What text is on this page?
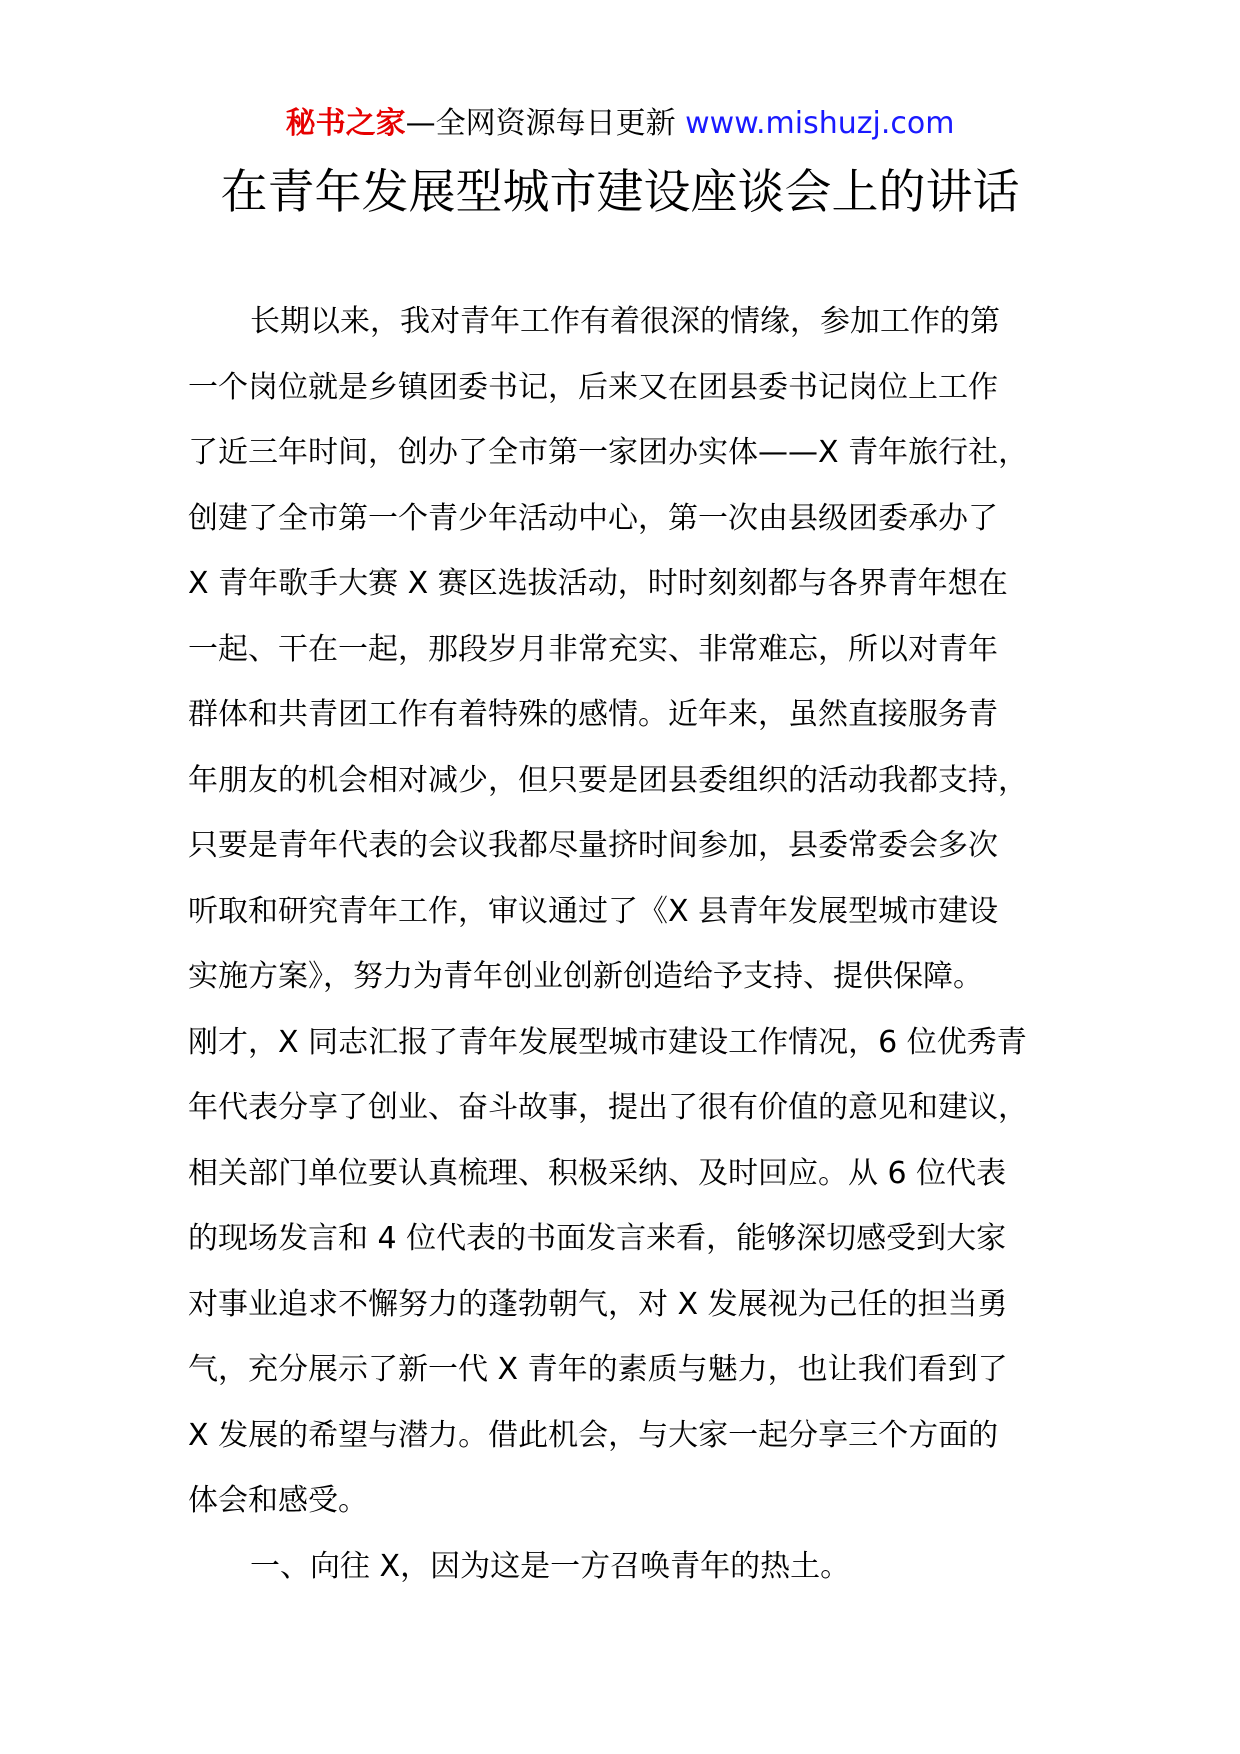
秘书之家—全网资源每日更新 www.mishuzj.com
在青年发展型城市建设座谈会上的讲话
长期以来，我对青年工作有着很深的情缘，参加工作的第
一个岗位就是乡镇团委书记，后来又在团县委书记岗位上工作
了近三年时间，创办了全市第一家团办实体——X 青年旅行社，
创建了全市第一个青少年活动中心，第一次由县级团委承办了
X 青年歌手大赛 X 赛区选拔活动，时时刻刻都与各界青年想在
一起、干在一起，那段岁月非常充实、非常难忘，所以对青年
群体和共青团工作有着特殊的感情。近年来，虽然直接服务青
年朋友的机会相对减少，但只要是团县委组织的活动我都支持，
只要是青年代表的会议我都尽量挤时间参加，县委常委会多次
听取和研究青年工作，审议通过了《X 县青年发展型城市建设
实施方案》，努力为青年创业创新创造给予支持、提供保障。
刚才，X 同志汇报了青年发展型城市建设工作情况，6 位优秀青
年代表分享了创业、奋斗故事，提出了很有价值的意见和建议，
相关部门单位要认真梳理、积极采纳、及时回应。从 6 位代表
的现场发言和 4 位代表的书面发言来看，能够深切感受到大家
对事业追求不懈努力的蓬勃朝气，对 X 发展视为己任的担当勇
气，充分展示了新一代 X 青年的素质与魅力，也让我们看到了
X 发展的希望与潜力。借此机会，与大家一起分享三个方面的
体会和感受。
一、向往 X，因为这是一方召唤青年的热土。
